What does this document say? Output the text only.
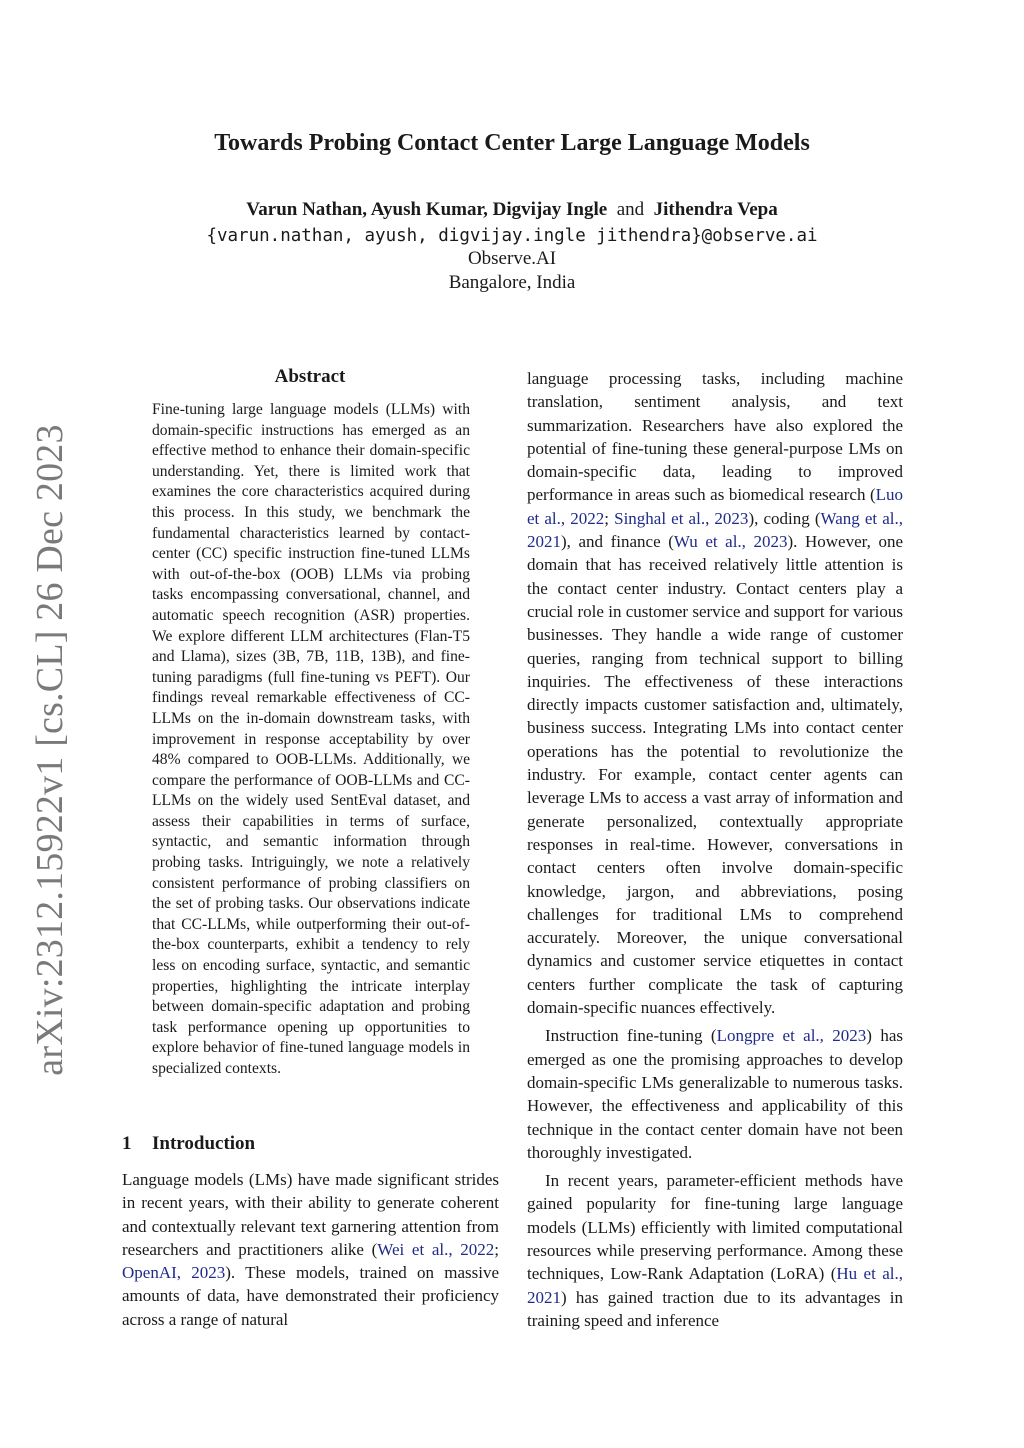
arXiv:2312.15922v1 [cs.CL] 26 Dec 2023
Towards Probing Contact Center Large Language Models
Varun Nathan, Ayush Kumar, Digvijay Ingle and Jithendra Vepa
{varun.nathan, ayush, digvijay.ingle jithendra}@observe.ai
Observe.AI
Bangalore, India
Abstract
Fine-tuning large language models (LLMs) with domain-specific instructions has emerged as an effective method to enhance their domain-specific understanding. Yet, there is limited work that examines the core characteristics acquired during this process. In this study, we benchmark the fundamental characteristics learned by contact-center (CC) specific instruction fine-tuned LLMs with out-of-the-box (OOB) LLMs via probing tasks encompassing conversational, channel, and automatic speech recognition (ASR) properties. We explore different LLM architectures (Flan-T5 and Llama), sizes (3B, 7B, 11B, 13B), and fine-tuning paradigms (full fine-tuning vs PEFT). Our findings reveal remarkable effectiveness of CC-LLMs on the in-domain downstream tasks, with improvement in response acceptability by over 48% compared to OOB-LLMs. Additionally, we compare the performance of OOB-LLMs and CC-LLMs on the widely used SentEval dataset, and assess their capabilities in terms of surface, syntactic, and semantic information through probing tasks. Intriguingly, we note a relatively consistent performance of probing classifiers on the set of probing tasks. Our observations indicate that CC-LLMs, while outperforming their out-of-the-box counterparts, exhibit a tendency to rely less on encoding surface, syntactic, and semantic properties, highlighting the intricate interplay between domain-specific adaptation and probing task performance opening up opportunities to explore behavior of fine-tuned language models in specialized contexts.
1 Introduction

Language models (LMs) have made significant strides in recent years, with their ability to generate coherent and contextually relevant text garnering attention from researchers and practitioners alike (Wei et al., 2022; OpenAI, 2023). These models, trained on massive amounts of data, have demonstrated their proficiency across a range of natural

language processing tasks, including machine translation, sentiment analysis, and text summarization. Researchers have also explored the potential of fine-tuning these general-purpose LMs on domain-specific data, leading to improved performance in areas such as biomedical research (Luo et al., 2022; Singhal et al., 2023), coding (Wang et al., 2021), and finance (Wu et al., 2023). However, one domain that has received relatively little attention is the contact center industry. Contact centers play a crucial role in customer service and support for various businesses. They handle a wide range of customer queries, ranging from technical support to billing inquiries. The effectiveness of these interactions directly impacts customer satisfaction and, ultimately, business success. Integrating LMs into contact center operations has the potential to revolutionize the industry. For example, contact center agents can leverage LMs to access a vast array of information and generate personalized, contextually appropriate responses in real-time. However, conversations in contact centers often involve domain-specific knowledge, jargon, and abbreviations, posing challenges for traditional LMs to comprehend accurately. Moreover, the unique conversational dynamics and customer service etiquettes in contact centers further complicate the task of capturing domain-specific nuances effectively.

Instruction fine-tuning (Longpre et al., 2023) has emerged as one the promising approaches to develop domain-specific LMs generalizable to numerous tasks. However, the effectiveness and applicability of this technique in the contact center domain have not been thoroughly investigated.

In recent years, parameter-efficient methods have gained popularity for fine-tuning large language models (LLMs) efficiently with limited computational resources while preserving performance. Among these techniques, Low-Rank Adaptation (LoRA) (Hu et al., 2021) has gained traction due to its advantages in training speed and inference
